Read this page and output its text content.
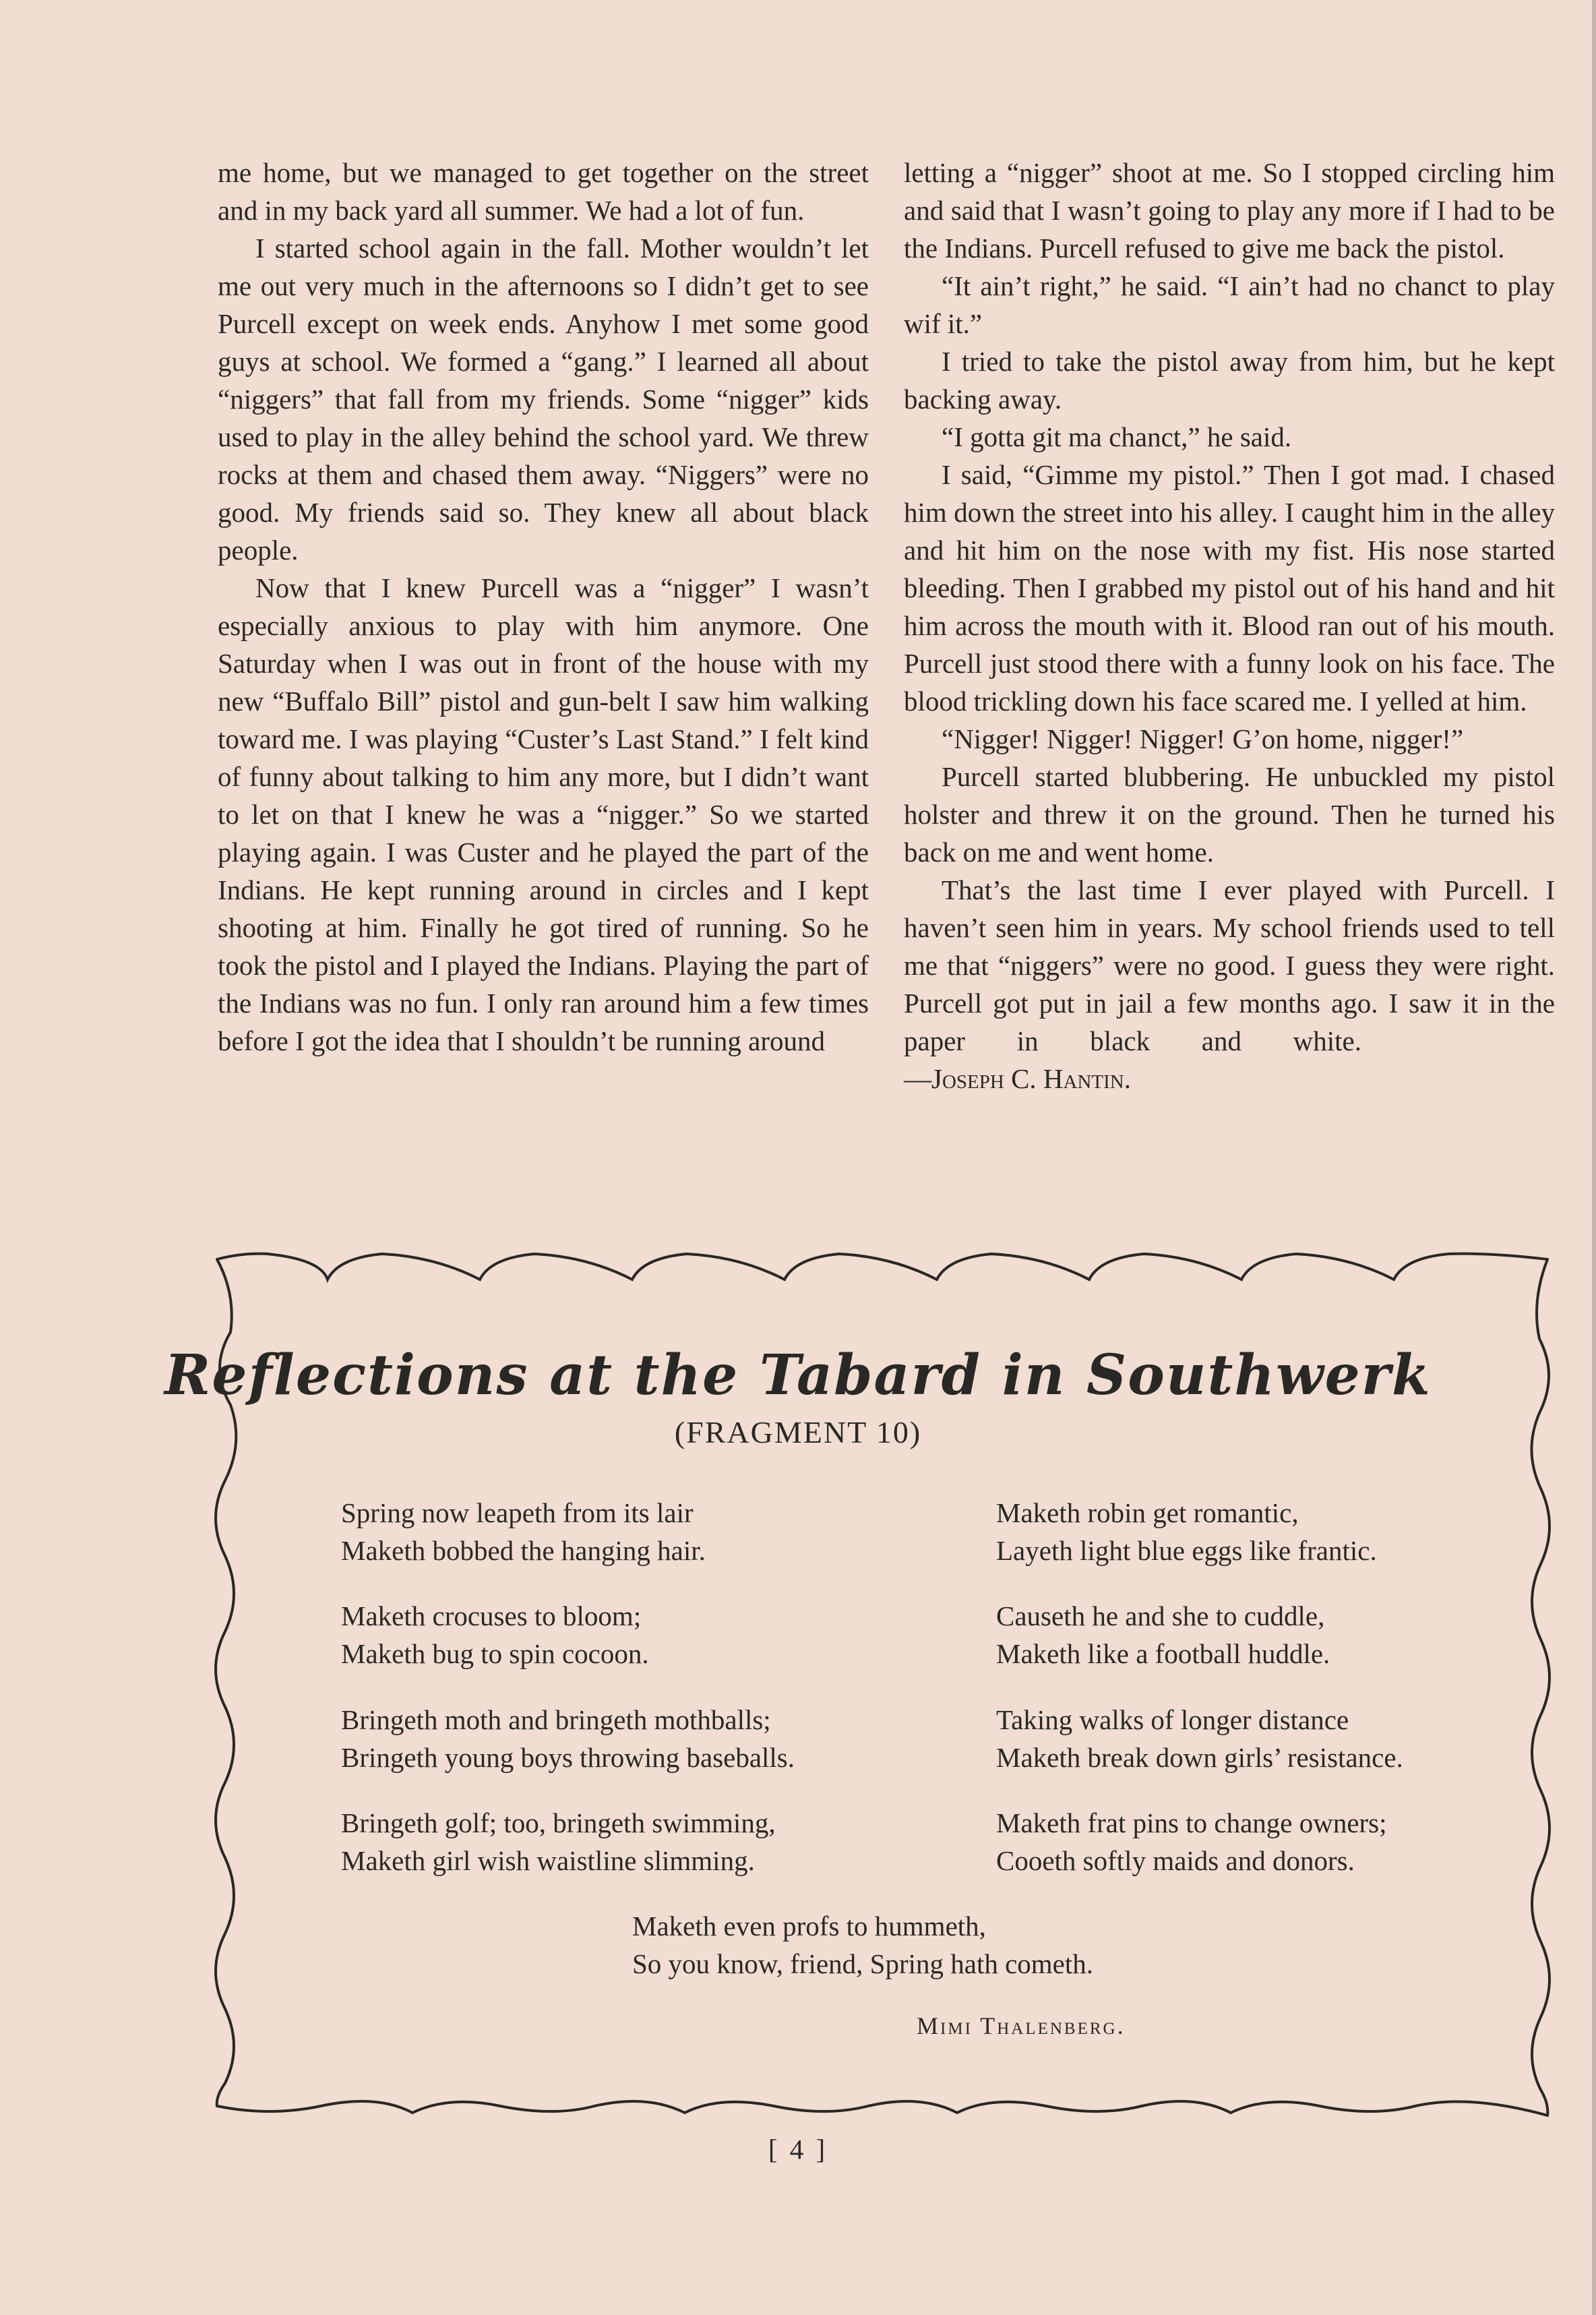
me home, but we managed to get together on the street and in my back yard all summer. We had a lot of fun.

I started school again in the fall. Mother wouldn’t let me out very much in the afternoons so I didn’t get to see Purcell except on week ends. Anyhow I met some good guys at school. We formed a “gang.” I learned all about “niggers” that fall from my friends. Some “nigger” kids used to play in the alley behind the school yard. We threw rocks at them and chased them away. “Niggers” were no good. My friends said so. They knew all about black people.

Now that I knew Purcell was a “nigger” I wasn’t especially anxious to play with him anymore. One Saturday when I was out in front of the house with my new “Buffalo Bill” pistol and gun-belt I saw him walking toward me. I was playing “Custer’s Last Stand.” I felt kind of funny about talking to him any more, but I didn’t want to let on that I knew he was a “nigger.” So we started playing again. I was Custer and he played the part of the Indians. He kept running around in circles and I kept shooting at him. Finally he got tired of running. So he took the pistol and I played the Indians. Playing the part of the Indians was no fun. I only ran around him a few times before I got the idea that I shouldn’t be running around

letting a “nigger” shoot at me. So I stopped circling him and said that I wasn’t going to play any more if I had to be the Indians. Purcell refused to give me back the pistol.

“It ain’t right,” he said. “I ain’t had no chanct to play wif it.”

I tried to take the pistol away from him, but he kept backing away.

“I gotta git ma chanct,” he said.

I said, “Gimme my pistol.” Then I got mad. I chased him down the street into his alley. I caught him in the alley and hit him on the nose with my fist. His nose started bleeding. Then I grabbed my pistol out of his hand and hit him across the mouth with it. Blood ran out of his mouth. Purcell just stood there with a funny look on his face. The blood trickling down his face scared me. I yelled at him.

“Nigger! Nigger! Nigger! G’on home, nigger!”

Purcell started blubbering. He unbuckled my pistol holster and threw it on the ground. Then he turned his back on me and went home.

That’s the last time I ever played with Purcell. I haven’t seen him in years. My school friends used to tell me that “niggers” were no good. I guess they were right. Purcell got put in jail a few months ago. I saw it in the paper in black and white.       —Joseph C. Hantin.

Reflections at the Tabard in Southwerk
(FRAGMENT 10)
Spring now leapeth from its lair
Maketh bobbed the hanging hair.
Maketh crocuses to bloom;
Maketh bug to spin cocoon.
Bringeth moth and bringeth mothballs;
Bringeth young boys throwing baseballs.
Bringeth golf; too, bringeth swimming,
Maketh girl wish waistline slimming.
Maketh robin get romantic,
Layeth light blue eggs like frantic.
Causeth he and she to cuddle,
Maketh like a football huddle.
Taking walks of longer distance
Maketh break down girls’ resistance.
Maketh frat pins to change owners;
Cooeth softly maids and donors.
Maketh even profs to hummeth,
So you know, friend, Spring hath cometh.
Mimi Thalenberg.
[ 4 ]
